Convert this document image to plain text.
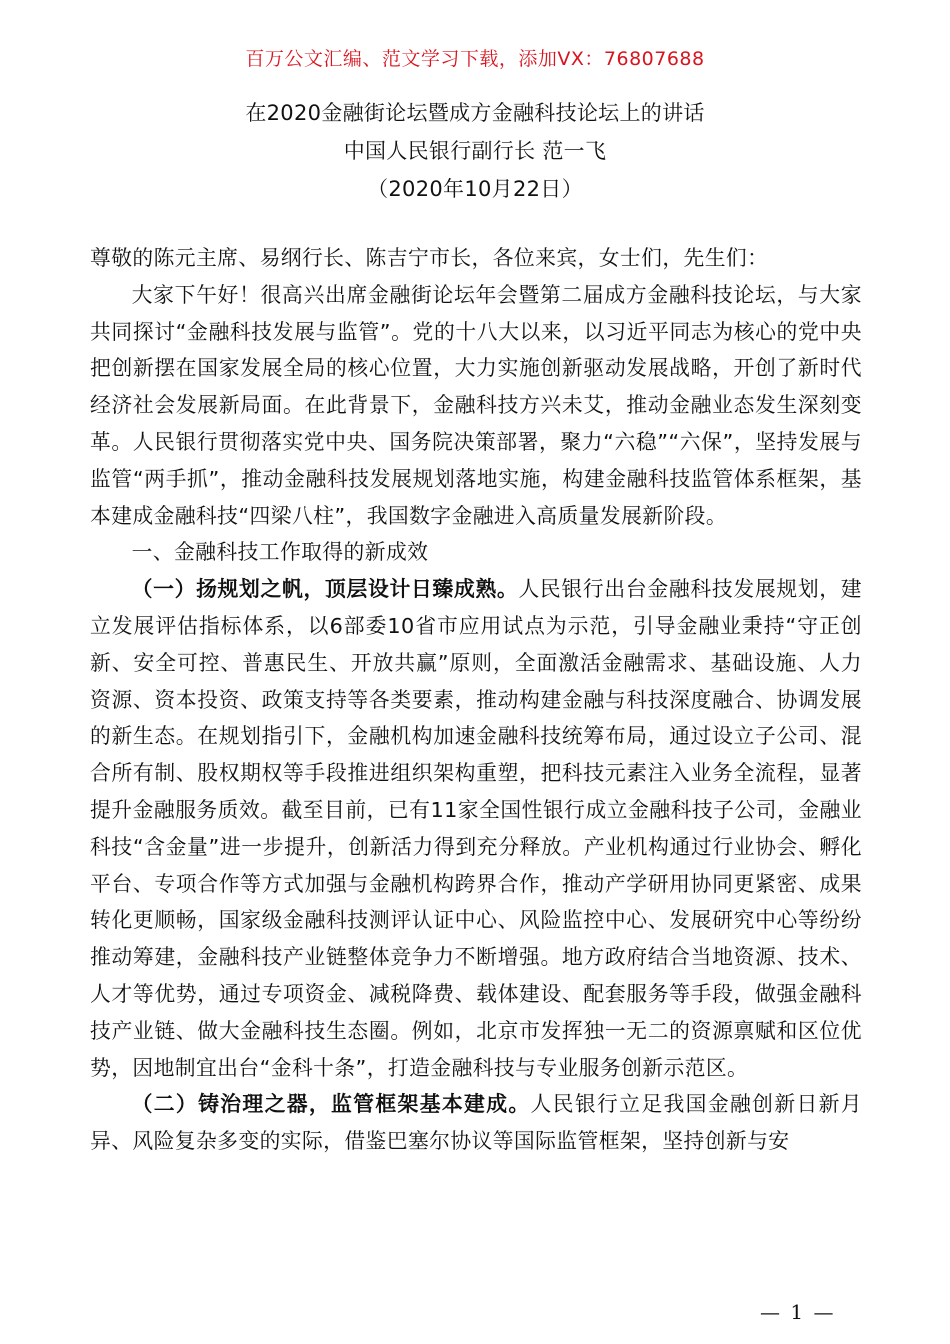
百万公文汇编、范文学习下载，添加VX：76807688
在2020金融街论坛暨成方金融科技论坛上的讲话
中国人民银行副行长 范一飞
（2020年10月22日）

尊敬的陈元主席、易纲行长、陈吉宁市长，各位来宾，女士们，先生们：

大家下午好！很高兴出席金融街论坛年会暨第二届成方金融科技论坛，与大家共同探讨“金融科技发展与监管”。党的十八大以来，以习近平同志为核心的党中央把创新摆在国家发展全局的核心位置，大力实施创新驱动发展战略，开创了新时代经济社会发展新局面。在此背景下，金融科技方兴未艾，推动金融业态发生深刻变革。人民银行贯彻落实党中央、国务院决策部署，聚力“六稳”“六保”，坚持发展与监管“两手抓”，推动金融科技发展规划落地实施，构建金融科技监管体系框架，基本建成金融科技“四梁八柱”，我国数字金融进入高质量发展新阶段。

一、金融科技工作取得的新成效

（一）扬规划之帆，顶层设计日臻成熟。人民银行出台金融科技发展规划，建立发展评估指标体系，以6部委10省市应用试点为示范，引导金融业秉持“守正创新、安全可控、普惠民生、开放共赢”原则，全面激活金融需求、基础设施、人力资源、资本投资、政策支持等各类要素，推动构建金融与科技深度融合、协调发展的新生态。在规划指引下，金融机构加速金融科技统筹布局，通过设立子公司、混合所有制、股权期权等手段推进组织架构重塑，把科技元素注入业务全流程，显著提升金融服务质效。截至目前，已有11家全国性银行成立金融科技子公司，金融业科技“含金量”进一步提升，创新活力得到充分释放。产业机构通过行业协会、孵化平台、专项合作等方式加强与金融机构跨界合作，推动产学研用协同更紧密、成果转化更顺畅，国家级金融科技测评认证中心、风险监控中心、发展研究中心等纷纷推动筹建，金融科技产业链整体竞争力不断增强。地方政府结合当地资源、技术、人才等优势，通过专项资金、减税降费、载体建设、配套服务等手段，做强金融科技产业链、做大金融科技生态圈。例如，北京市发挥独一无二的资源禀赋和区位优势，因地制宜出台“金科十条”，打造金融科技与专业服务创新示范区。

（二）铸治理之器，监管框架基本建成。人民银行立足我国金融创新日新月异、风险复杂多变的实际，借鉴巴塞尔协议等国际监管框架，坚持创新与安

— 1 —
